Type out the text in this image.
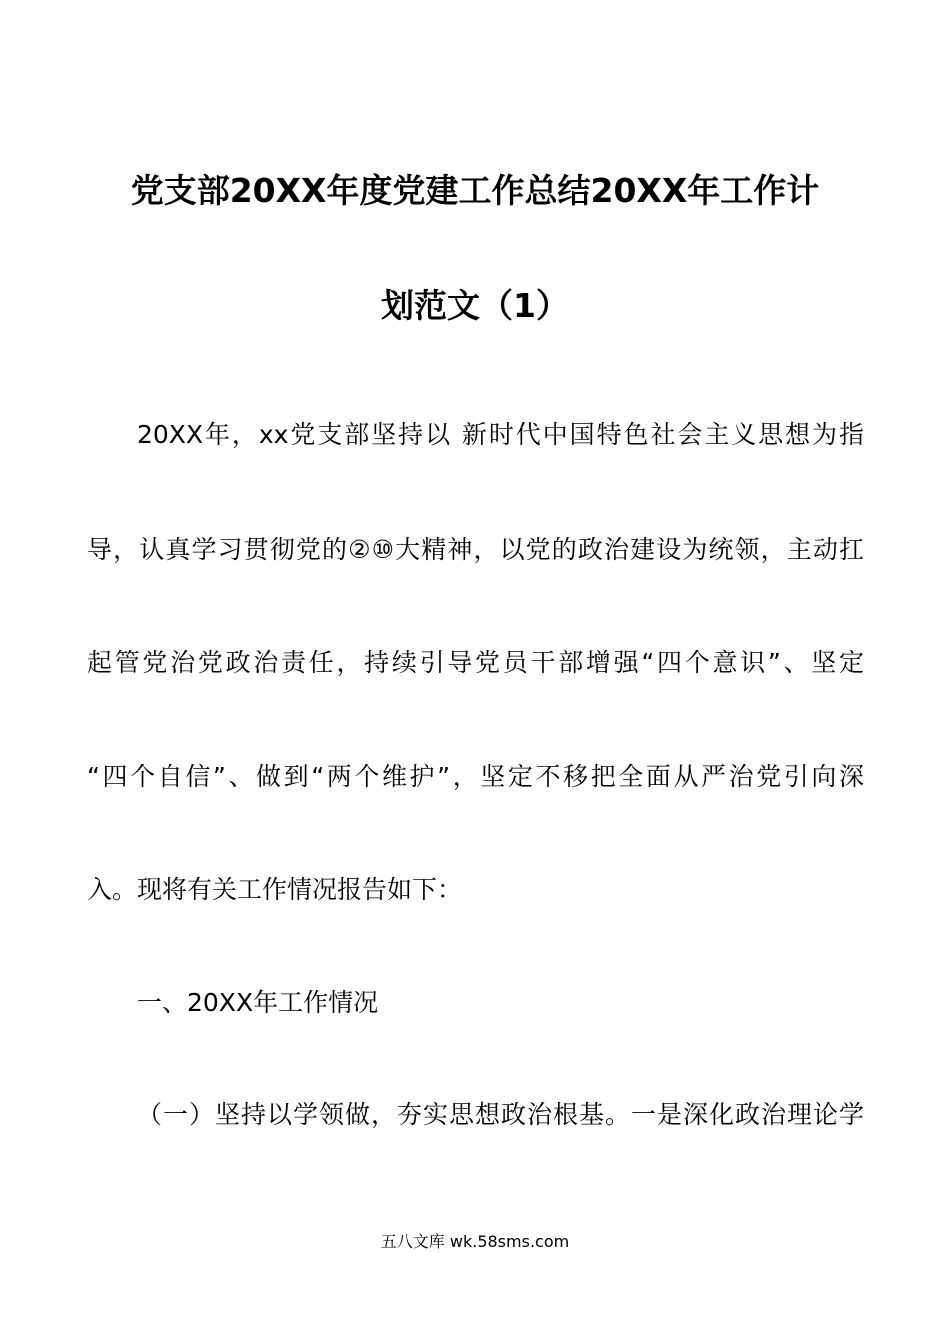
党支部20XX年度党建工作总结20XX年工作计
划范文（1）
20XX年，xx党支部坚持以 新时代中国特色社会主义思想为指
导，认真学习贯彻党的②⑩大精神，以党的政治建设为统领，主动扛
起管党治党政治责任，持续引导党员干部增强“四个意识”、坚定
“四个自信”、做到“两个维护”，坚定不移把全面从严治党引向深
入。现将有关工作情况报告如下：
一、20XX年工作情况
（一）坚持以学领做，夯实思想政治根基。一是深化政治理论学
五八文库 wk.58sms.com
